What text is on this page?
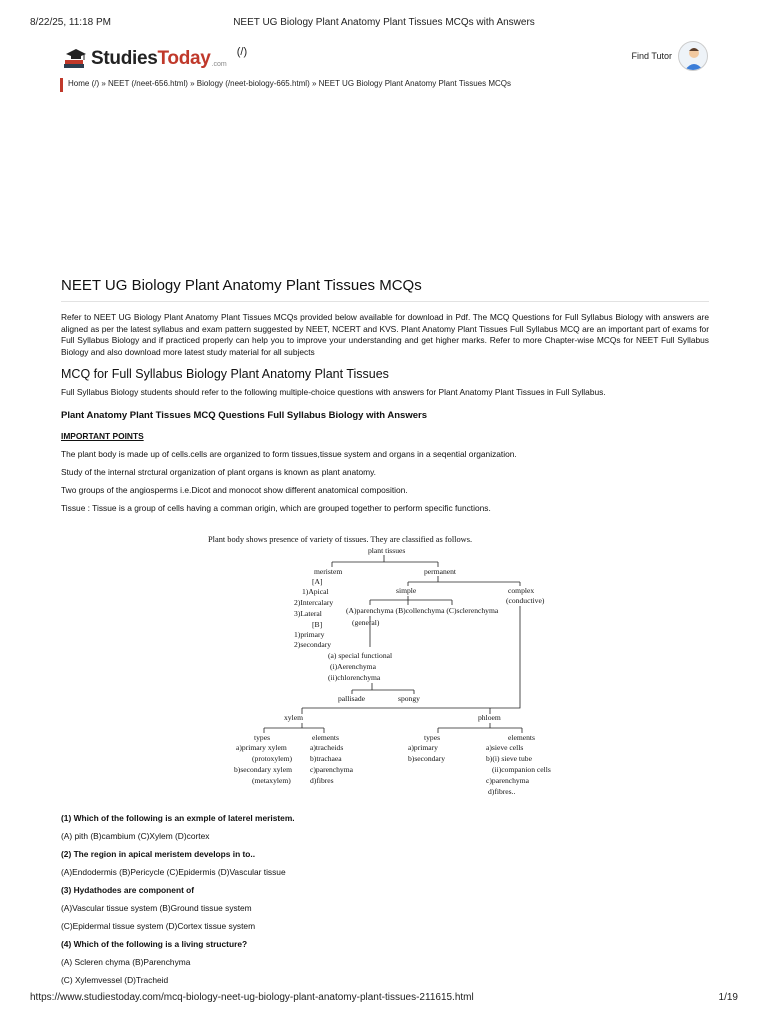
8/22/25, 11:18 PM	NEET UG Biology Plant Anatomy Plant Tissues MCQs with Answers
StudiesToday .com
(/)	Find Tutor
Home (/) » NEET (/neet-656.html) » Biology (/neet-biology-665.html) » NEET UG Biology Plant Anatomy Plant Tissues MCQs
NEET UG Biology Plant Anatomy Plant Tissues MCQs

Refer to NEET UG Biology Plant Anatomy Plant Tissues MCQs provided below available for download in Pdf. The MCQ Questions for Full Syllabus Biology with answers are aligned as per the latest syllabus and exam pattern suggested by NEET, NCERT and KVS. Plant Anatomy Plant Tissues Full Syllabus MCQ are an important part of exams for Full Syllabus Biology and if practiced properly can help you to improve your understanding and get higher marks. Refer to more Chapter-wise MCQs for NEET Full Syllabus Biology and also download more latest study material for all subjects

MCQ for Full Syllabus Biology Plant Anatomy Plant Tissues

Full Syllabus Biology students should refer to the following multiple-choice questions with answers for Plant Anatomy Plant Tissues in Full Syllabus.

Plant Anatomy Plant Tissues MCQ Questions Full Syllabus Biology with Answers

IMPORTANT POINTS

The plant body is made up of cells.cells are organized to form tissues,tissue system and organs in a seqential organization.

Study of the internal strctural organization of plant organs is known as plant anatomy.

Two groups of the angiosperms i.e.Dicot and monocot show different anatomical composition.

Tissue : Tissue is a group of cells having a comman origin, which are grouped together to perform specific functions.

Plant body shows presence of variety of tissues. They are classified as follows.
plant tissues
meristem	permanent
[A]
1)Apical
2)Intercalary
3)Lateral
[B]
1)primary
2)secondary
simple	complex
(conductive)
(A)parenchyma (B)collenchyma (C)sclerenchyma
(general)
(a) special functional
(i)Aerenchyma
(ii)chlorenchyma
pallisade	spongy
xylem	phloem
types	elements
a)primary xylem
(protoxylem)
b)secondary xylem
(metaxylem)
a)tracheids
b)trachaea
c)parenchyma
d)fibres
types	elements
a)primary
b)secondary
a)sieve cells
b)(i) sieve tube
(ii)companion cells
c)parenchyma
d)fibres..

(1) Which of the following is an exmple of laterel meristem.

(A) pith (B)cambium (C)Xylem (D)cortex

(2) The region in apical meristem develops in to..

(A)Endodermis (B)Pericycle (C)Epidermis (D)Vascular tissue

(3) Hydathodes are component of

(A)Vascular tissue system (B)Ground tissue system

(C)Epidermal tissue system (D)Cortex tissue system

(4) Which of the following is a living structure?

(A) Scleren chyma (B)Parenchyma

(C) Xylemvessel (D)Tracheid

https://www.studiestoday.com/mcq-biology-neet-ug-biology-plant-anatomy-plant-tissues-211615.html	1/19
